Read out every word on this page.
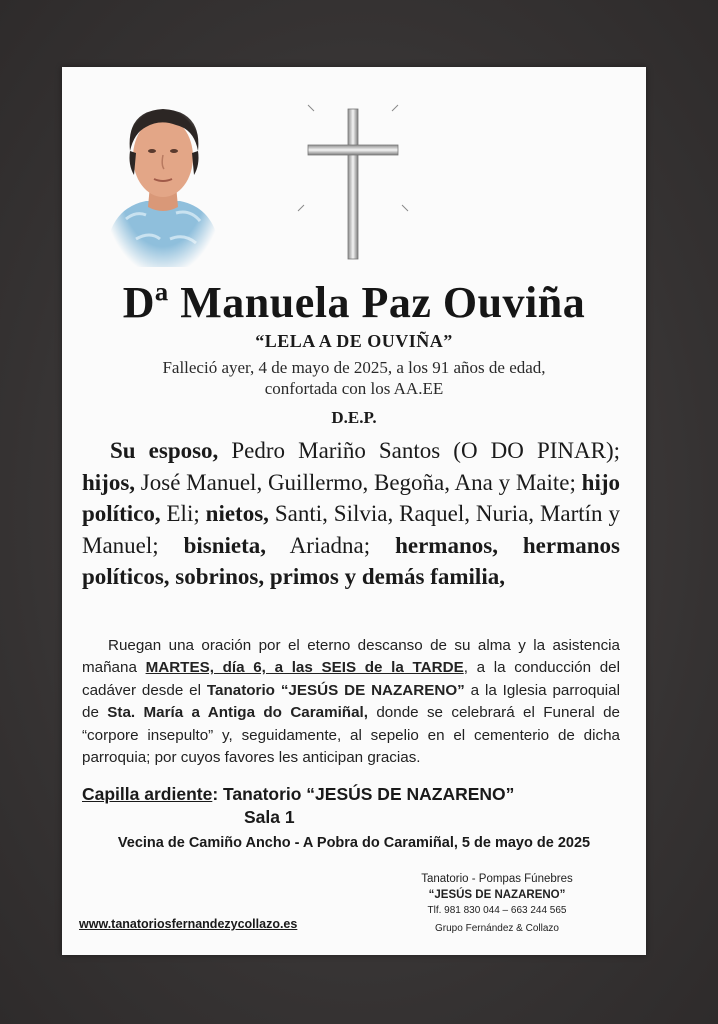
Dª Manuela Paz Ouviña
“LELA A DE OUVIÑA”
Falleció ayer, 4 de mayo de 2025, a los 91 años de edad,
confortada con los AA.EE
D.E.P.

Su esposo, Pedro Mariño Santos (O DO PINAR); hijos, José Manuel, Guillermo, Begoña, Ana y Maite; hijo político, Eli; nietos, Santi, Silvia, Raquel, Nuria, Martín y Manuel; bisnieta, Ariadna; hermanos, hermanos políticos, sobrinos, primos y demás familia,

Ruegan una oración por el eterno descanso de su alma y la asistencia mañana MARTES, día 6, a las SEIS de la TARDE, a la conducción del cadáver desde el Tanatorio “JESÚS DE NAZARENO” a la Iglesia parroquial de Sta. María a Antiga do Caramiñal, donde se celebrará el Funeral de “corpore insepulto” y, seguidamente, al sepelio en el cementerio de dicha parroquia; por cuyos favores les anticipan gracias.

Capilla ardiente: Tanatorio “JESÚS DE NAZARENO”
Sala 1
Vecina de Camiño Ancho - A Pobra do Caramiñal, 5 de mayo de 2025
Tanatorio - Pompas Fúnebres
“JESÚS DE NAZARENO”
Tlf. 981 830 044 – 663 244 565
Grupo Fernández & Collazo
www.tanatoriosfernandezycollazo.es
